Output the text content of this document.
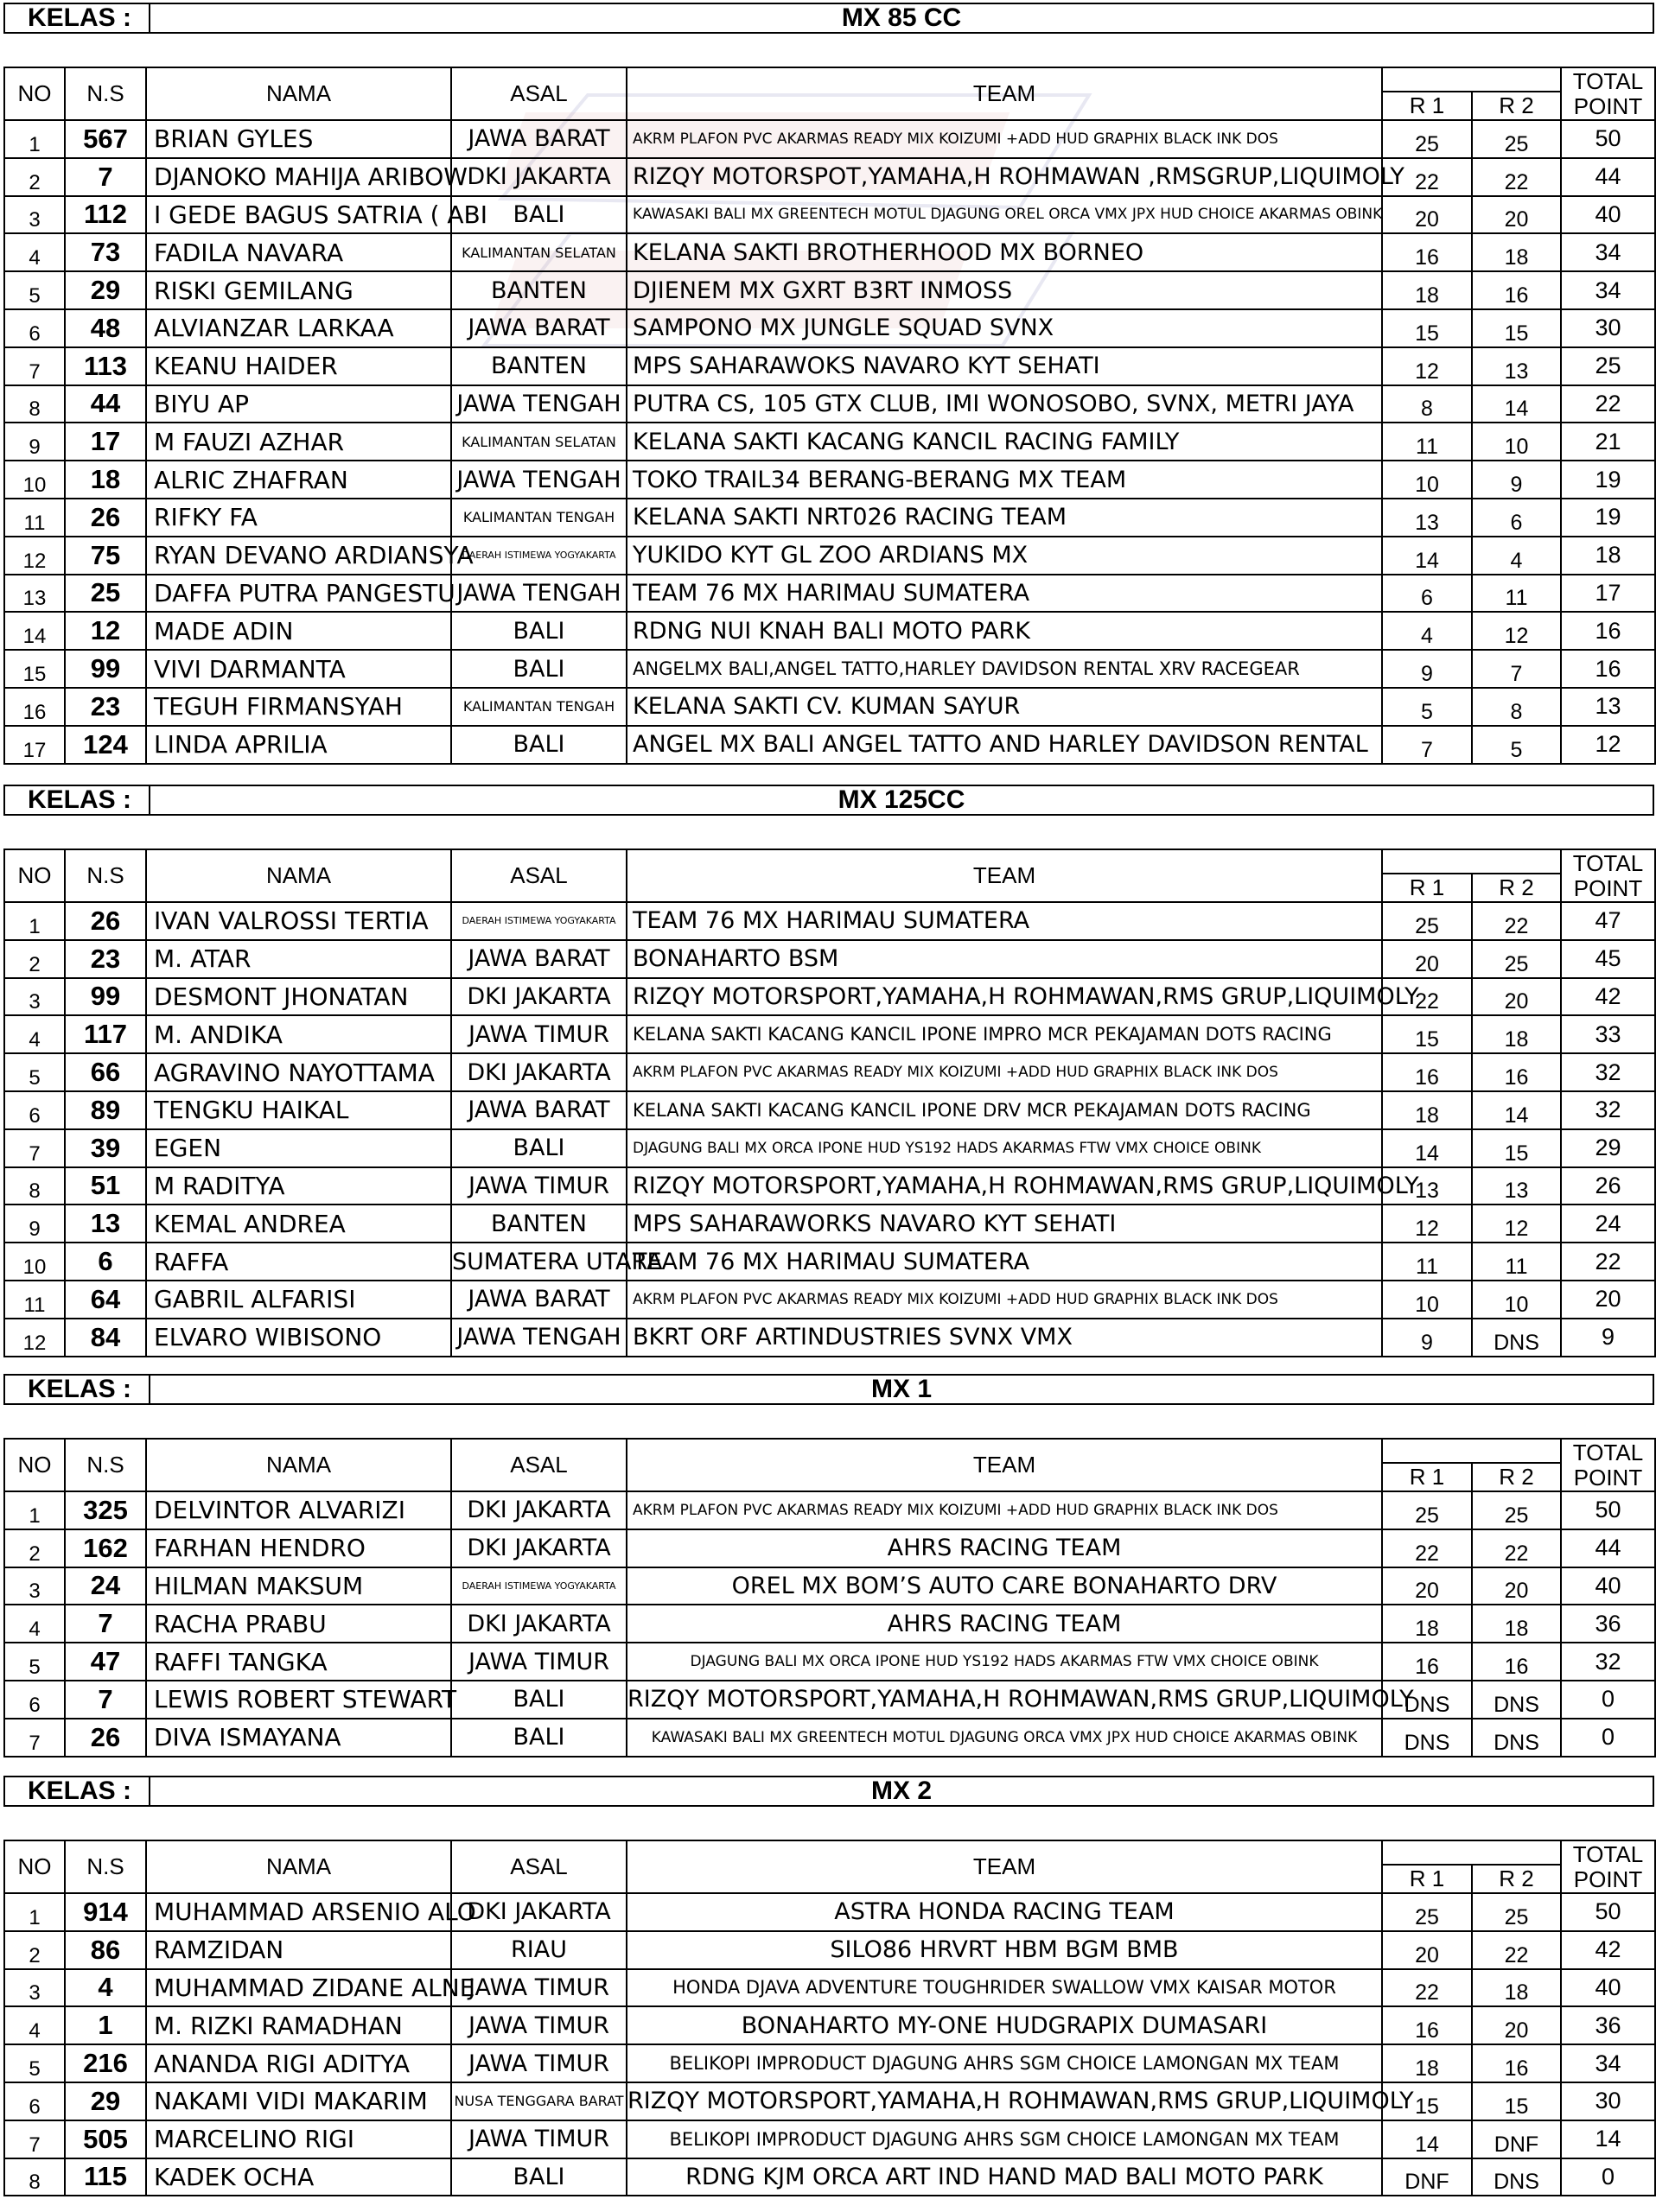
KELAS :	MX 85 CC
NO	N.S	NAMA	ASAL	TEAM			TOTAL
POINT
					R 1	R 2	
1	567	BRIAN GYLES	JAWA BARAT	AKRM PLAFON PVC AKARMAS READY MIX KOIZUMI +ADD HUD GRAPHIX BLACK INK DOS	25	25	50
2	7	DJANOKO MAHIJA ARIBOW	DKI JAKARTA	RIZQY MOTORSPOT,YAMAHA,H ROHMAWAN ,RMSGRUP,LIQUIMOLY	22	22	44
3	112	I GEDE BAGUS SATRIA ( ABI	BALI	KAWASAKI BALI MX GREENTECH MOTUL DJAGUNG OREL ORCA VMX JPX HUD CHOICE AKARMAS OBINK	20	20	40
4	73	FADILA NAVARA	KALIMANTAN SELATAN	KELANA SAKTI BROTHERHOOD MX BORNEO	16	18	34
5	29	RISKI GEMILANG	BANTEN	DJIENEM MX GXRT B3RT INMOSS	18	16	34
6	48	ALVIANZAR LARKAA	JAWA BARAT	SAMPONO MX JUNGLE SQUAD SVNX	15	15	30
7	113	KEANU HAIDER	BANTEN	MPS SAHARAWOKS NAVARO KYT SEHATI	12	13	25
8	44	BIYU AP	JAWA TENGAH	PUTRA CS, 105 GTX CLUB, IMI WONOSOBO, SVNX, METRI JAYA	8	14	22
9	17	M FAUZI AZHAR	KALIMANTAN SELATAN	KELANA SAKTI KACANG KANCIL RACING FAMILY	11	10	21
10	18	ALRIC ZHAFRAN	JAWA TENGAH	TOKO TRAIL34 BERANG-BERANG MX TEAM	10	9	19
11	26	RIFKY FA	KALIMANTAN TENGAH	KELANA SAKTI NRT026 RACING TEAM	13	6	19
12	75	RYAN DEVANO ARDIANSYA	DAERAH ISTIMEWA YOGYAKARTA	YUKIDO KYT GL ZOO ARDIANS MX	14	4	18
13	25	DAFFA PUTRA PANGESTU	JAWA TENGAH	TEAM 76 MX HARIMAU SUMATERA	6	11	17
14	12	MADE ADIN	BALI	RDNG NUI KNAH BALI MOTO PARK	4	12	16
15	99	VIVI DARMANTA	BALI	ANGELMX BALI,ANGEL TATTO,HARLEY DAVIDSON RENTAL XRV RACEGEAR	9	7	16
16	23	TEGUH FIRMANSYAH	KALIMANTAN TENGAH	KELANA SAKTI CV. KUMAN SAYUR	5	8	13
17	124	LINDA APRILIA	BALI	ANGEL MX BALI ANGEL TATTO AND HARLEY DAVIDSON RENTAL	7	5	12
KELAS :	MX 125CC
NO	N.S	NAMA	ASAL	TEAM			TOTAL
POINT
					R 1	R 2	
1	26	IVAN VALROSSI TERTIA	DAERAH ISTIMEWA YOGYAKARTA	TEAM 76 MX HARIMAU SUMATERA	25	22	47
2	23	M. ATAR	JAWA BARAT	BONAHARTO BSM	20	25	45
3	99	DESMONT JHONATAN	DKI JAKARTA	RIZQY MOTORSPORT,YAMAHA,H ROHMAWAN,RMS GRUP,LIQUIMOLY	22	20	42
4	117	M. ANDIKA	JAWA TIMUR	KELANA SAKTI KACANG KANCIL IPONE IMPRO MCR PEKAJAMAN DOTS RACING	15	18	33
5	66	AGRAVINO NAYOTTAMA	DKI JAKARTA	AKRM PLAFON PVC AKARMAS READY MIX KOIZUMI +ADD HUD GRAPHIX BLACK INK DOS	16	16	32
6	89	TENGKU HAIKAL	JAWA BARAT	KELANA SAKTI KACANG KANCIL IPONE DRV MCR PEKAJAMAN DOTS RACING	18	14	32
7	39	EGEN	BALI	DJAGUNG BALI MX ORCA IPONE HUD YS192 HADS AKARMAS FTW VMX CHOICE OBINK	14	15	29
8	51	M RADITYA	JAWA TIMUR	RIZQY MOTORSPORT,YAMAHA,H ROHMAWAN,RMS GRUP,LIQUIMOLY	13	13	26
9	13	KEMAL ANDREA	BANTEN	MPS SAHARAWORKS NAVARO KYT SEHATI	12	12	24
10	6	RAFFA	SUMATERA UTARA	TEAM 76 MX HARIMAU SUMATERA	11	11	22
11	64	GABRIL ALFARISI	JAWA BARAT	AKRM PLAFON PVC AKARMAS READY MIX KOIZUMI +ADD HUD GRAPHIX BLACK INK DOS	10	10	20
12	84	ELVARO WIBISONO	JAWA TENGAH	BKRT ORF ARTINDUSTRIES SVNX VMX	9	DNS	9
KELAS :	MX 1
NO	N.S	NAMA	ASAL	TEAM			TOTAL
POINT
					R 1	R 2	
1	325	DELVINTOR ALVARIZI	DKI JAKARTA	AKRM PLAFON PVC AKARMAS READY MIX KOIZUMI +ADD HUD GRAPHIX BLACK INK DOS	25	25	50
2	162	FARHAN HENDRO	DKI JAKARTA	AHRS RACING TEAM	22	22	44
3	24	HILMAN MAKSUM	DAERAH ISTIMEWA YOGYAKARTA	OREL MX BOM’S AUTO CARE BONAHARTO DRV	20	20	40
4	7	RACHA PRABU	DKI JAKARTA	AHRS RACING TEAM	18	18	36
5	47	RAFFI TANGKA	JAWA TIMUR	DJAGUNG BALI MX ORCA IPONE HUD YS192 HADS AKARMAS FTW VMX CHOICE OBINK	16	16	32
6	7	LEWIS ROBERT STEWART	BALI	RIZQY MOTORSPORT,YAMAHA,H ROHMAWAN,RMS GRUP,LIQUIMOLY	DNS	DNS	0
7	26	DIVA ISMAYANA	BALI	KAWASAKI BALI MX GREENTECH MOTUL DJAGUNG ORCA VMX JPX HUD CHOICE AKARMAS OBINK	DNS	DNS	0
KELAS :	MX 2
NO	N.S	NAMA	ASAL	TEAM			TOTAL
POINT
					R 1	R 2	
1	914	MUHAMMAD ARSENIO ALO	DKI JAKARTA	ASTRA HONDA RACING TEAM	25	25	50
2	86	RAMZIDAN	RIAU	SILO86 HRVRT HBM BGM BMB	20	22	42
3	4	MUHAMMAD ZIDANE ALNE	JAWA TIMUR	HONDA DJAVA ADVENTURE TOUGHRIDER SWALLOW VMX KAISAR MOTOR	22	18	40
4	1	M. RIZKI RAMADHAN	JAWA TIMUR	BONAHARTO MY-ONE HUDGRAPIX DUMASARI	16	20	36
5	216	ANANDA RIGI ADITYA	JAWA TIMUR	BELIKOPI IMPRODUCT DJAGUNG AHRS SGM CHOICE LAMONGAN MX TEAM	18	16	34
6	29	NAKAMI VIDI MAKARIM	NUSA TENGGARA BARAT	RIZQY MOTORSPORT,YAMAHA,H ROHMAWAN,RMS GRUP,LIQUIMOLY	15	15	30
7	505	MARCELINO RIGI	JAWA TIMUR	BELIKOPI IMPRODUCT DJAGUNG AHRS SGM CHOICE LAMONGAN MX TEAM	14	DNF	14
8	115	KADEK OCHA	BALI	RDNG KJM ORCA ART IND HAND MAD BALI MOTO PARK	DNF	DNS	0
